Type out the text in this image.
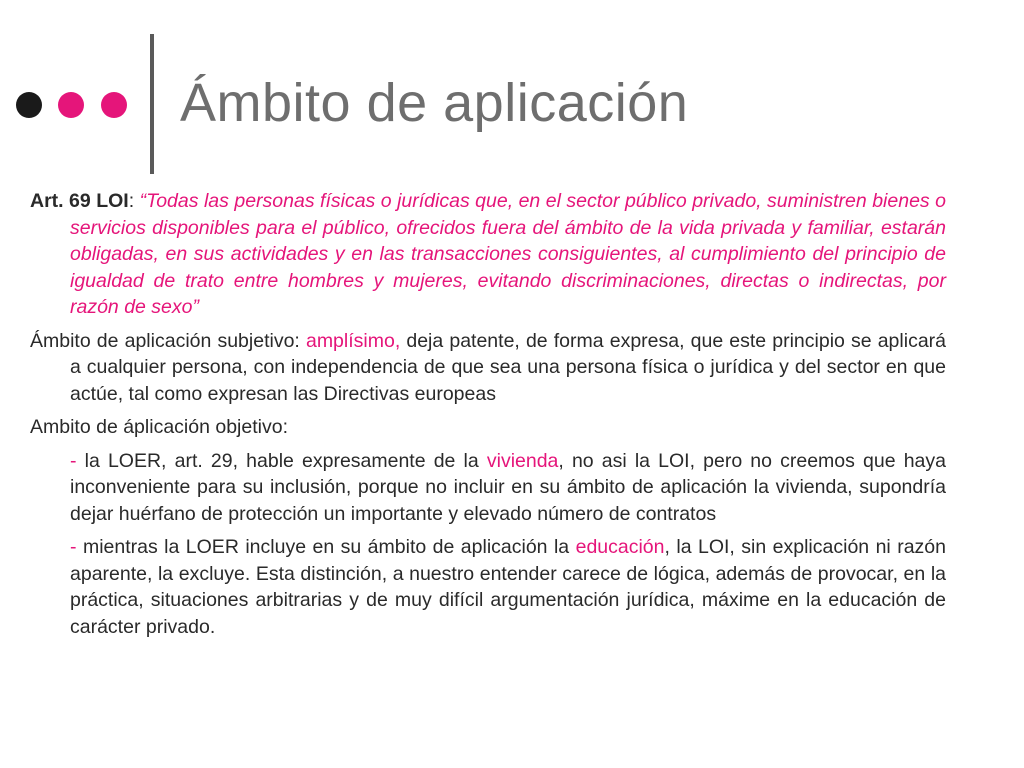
Ámbito de aplicación

Art. 69 LOI: “Todas las personas físicas o jurídicas que, en el sector público privado, suministren bienes o servicios disponibles para el público, ofrecidos fuera del ámbito de la vida privada y familiar, estarán obligadas, en sus actividades y en las transacciones consiguientes, al cumplimiento del principio de igualdad de trato entre hombres y mujeres, evitando discriminaciones, directas o indirectas, por razón de sexo”

Ámbito de aplicación subjetivo: amplísimo, deja patente, de forma expresa, que este principio se aplicará a cualquier persona, con independencia de que sea una persona física o jurídica y del sector en que actúe, tal como expresan las Directivas europeas

Ambito de áplicación objetivo:

- la LOER, art. 29, hable expresamente de la vivienda, no asi la LOI, pero no creemos que haya inconveniente para su inclusión, porque no incluir en su ámbito de aplicación la vivienda, supondría dejar huérfano de protección un importante y elevado número de contratos

- mientras la LOER incluye en su ámbito de aplicación la educación, la LOI, sin explicación ni razón aparente, la excluye. Esta distinción, a nuestro entender carece de lógica, además de provocar, en la práctica, situaciones arbitrarias y de muy difícil argumentación jurídica, máxime en la educación de carácter privado.
